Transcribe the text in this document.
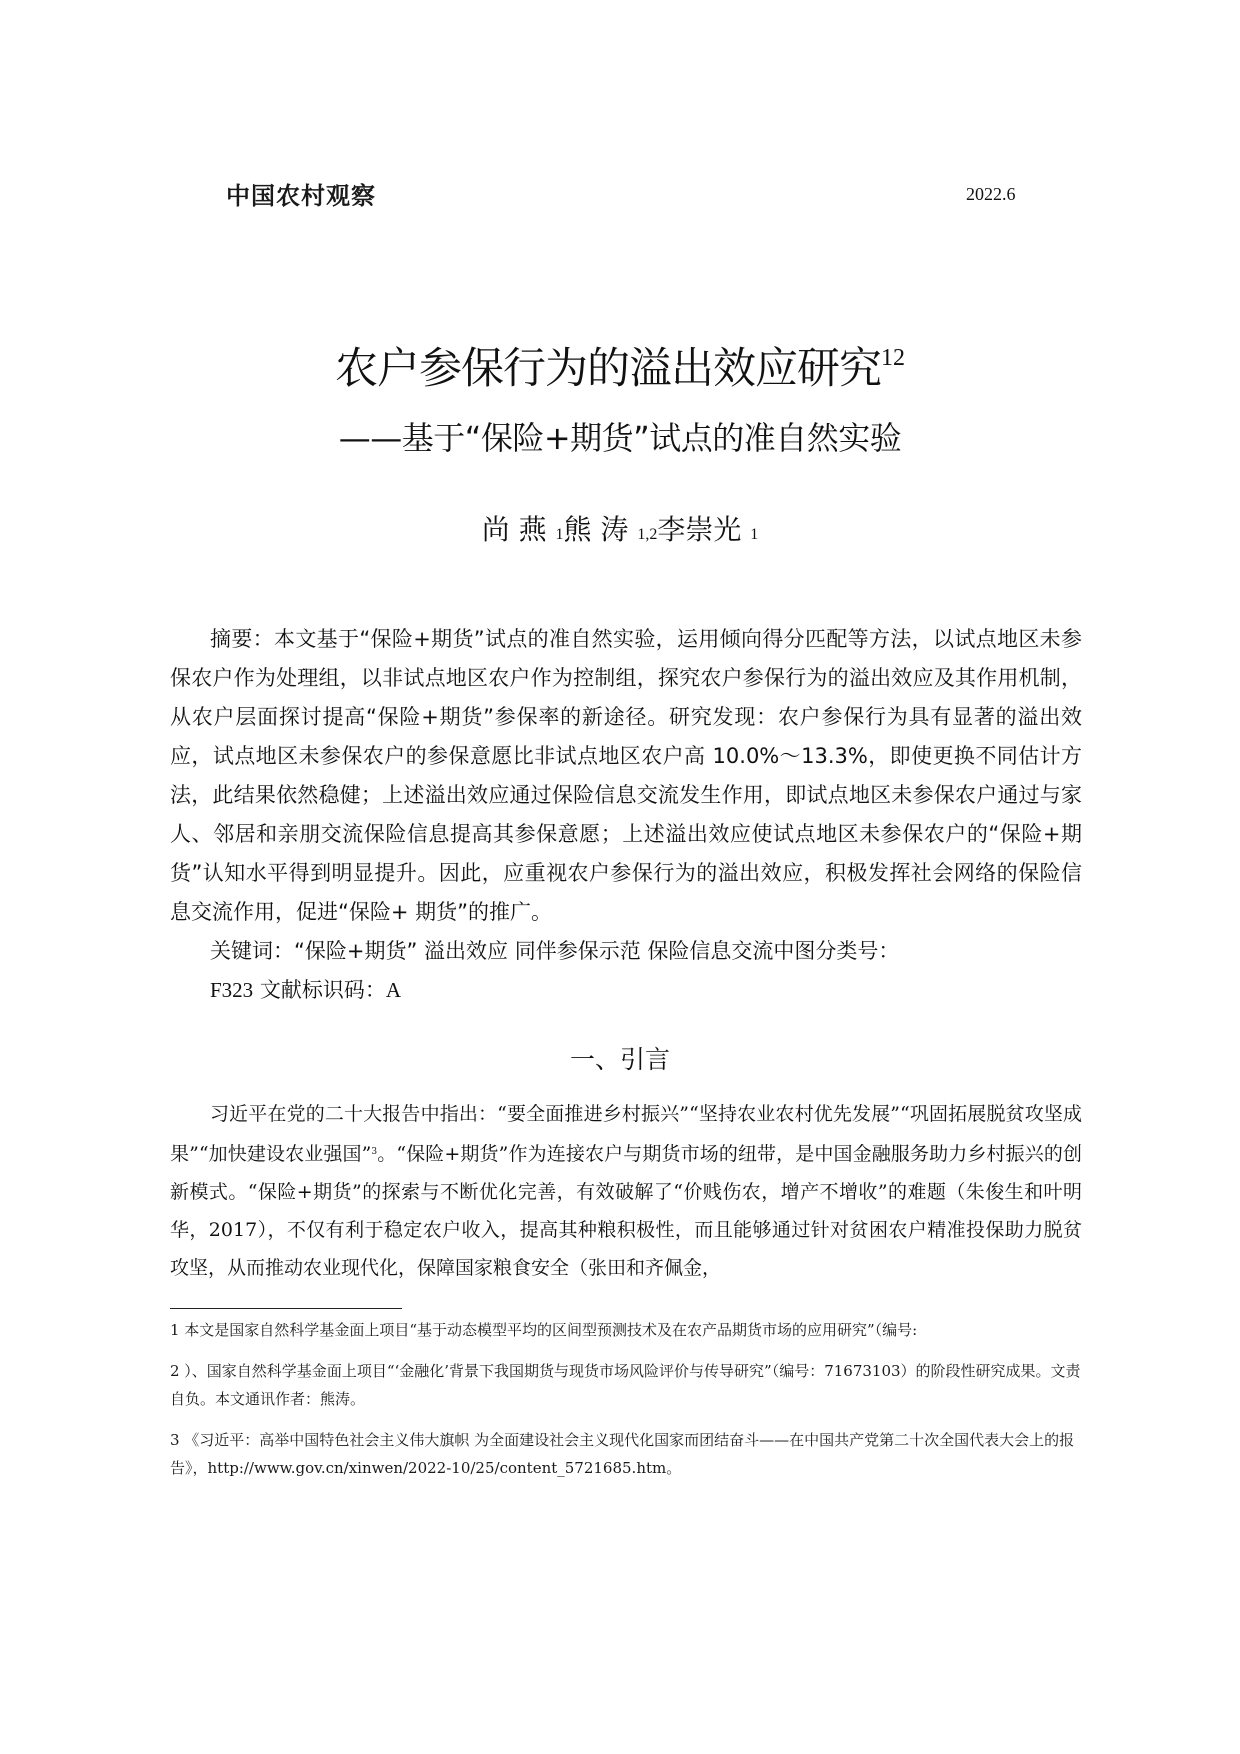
中国农村观察	2022.6
农户参保行为的溢出效应研究$^{12}$
——基于“保险+期货”试点的准自然实验
尚 燕 1熊 涛 1,2李崇光 1

摘要：本文基于“保险+期货”试点的准自然实验，运用倾向得分匹配等方法，以试点地区未参保农户作为处理组，以非试点地区农户作为控制组，探究农户参保行为的溢出效应及其作用机制，从农户层面探讨提高“保险+期货”参保率的新途径。研究发现：农户参保行为具有显著的溢出效应，试点地区未参保农户的参保意愿比非试点地区农户高 10.0%～13.3%，即使更换不同估计方法，此结果依然稳健；上述溢出效应通过保险信息交流发生作用，即试点地区未参保农户通过与家人、邻居和亲朋交流保险信息提高其参保意愿；上述溢出效应使试点地区未参保农户的“保险+期货”认知水平得到明显提升。因此，应重视农户参保行为的溢出效应，积极发挥社会网络的保险信息交流作用，促进“保险+ 期货”的推广。

关键词：“保险+期货” 溢出效应 同伴参保示范 保险信息交流中图分类号：

F323 文献标识码：A

一、引言

习近平在党的二十大报告中指出：“要全面推进乡村振兴”“坚持农业农村优先发展”“巩固拓展脱贫攻坚成果”“加快建设农业强国”$^3$。“保险+期货”作为连接农户与期货市场的纽带，是中国金融服务助力乡村振兴的创新模式。“保险+期货”的探索与不断优化完善，有效破解了“价贱伤农，增产不增收”的难题（朱俊生和叶明华，2017），不仅有利于稳定农户收入，提高其种粮积极性，而且能够通过针对贫困农户精准投保助力脱贫攻坚，从而推动农业现代化，保障国家粮食安全（张田和齐佩金，

1 本文是国家自然科学基金面上项目“基于动态模型平均的区间型预测技术及在农产品期货市场的应用研究”（编号:

2 ）、国家自然科学基金面上项目“‘金融化’背景下我国期货与现货市场风险评价与传导研究”（编号：71673103）的阶段性研究成果。文责自负。本文通讯作者：熊涛。

3 《习近平：高举中国特色社会主义伟大旗帜 为全面建设社会主义现代化国家而团结奋斗——在中国共产党第二十次全国代表大会上的报告》，http://www.gov.cn/xinwen/2022-10/25/content_5721685.htm。
